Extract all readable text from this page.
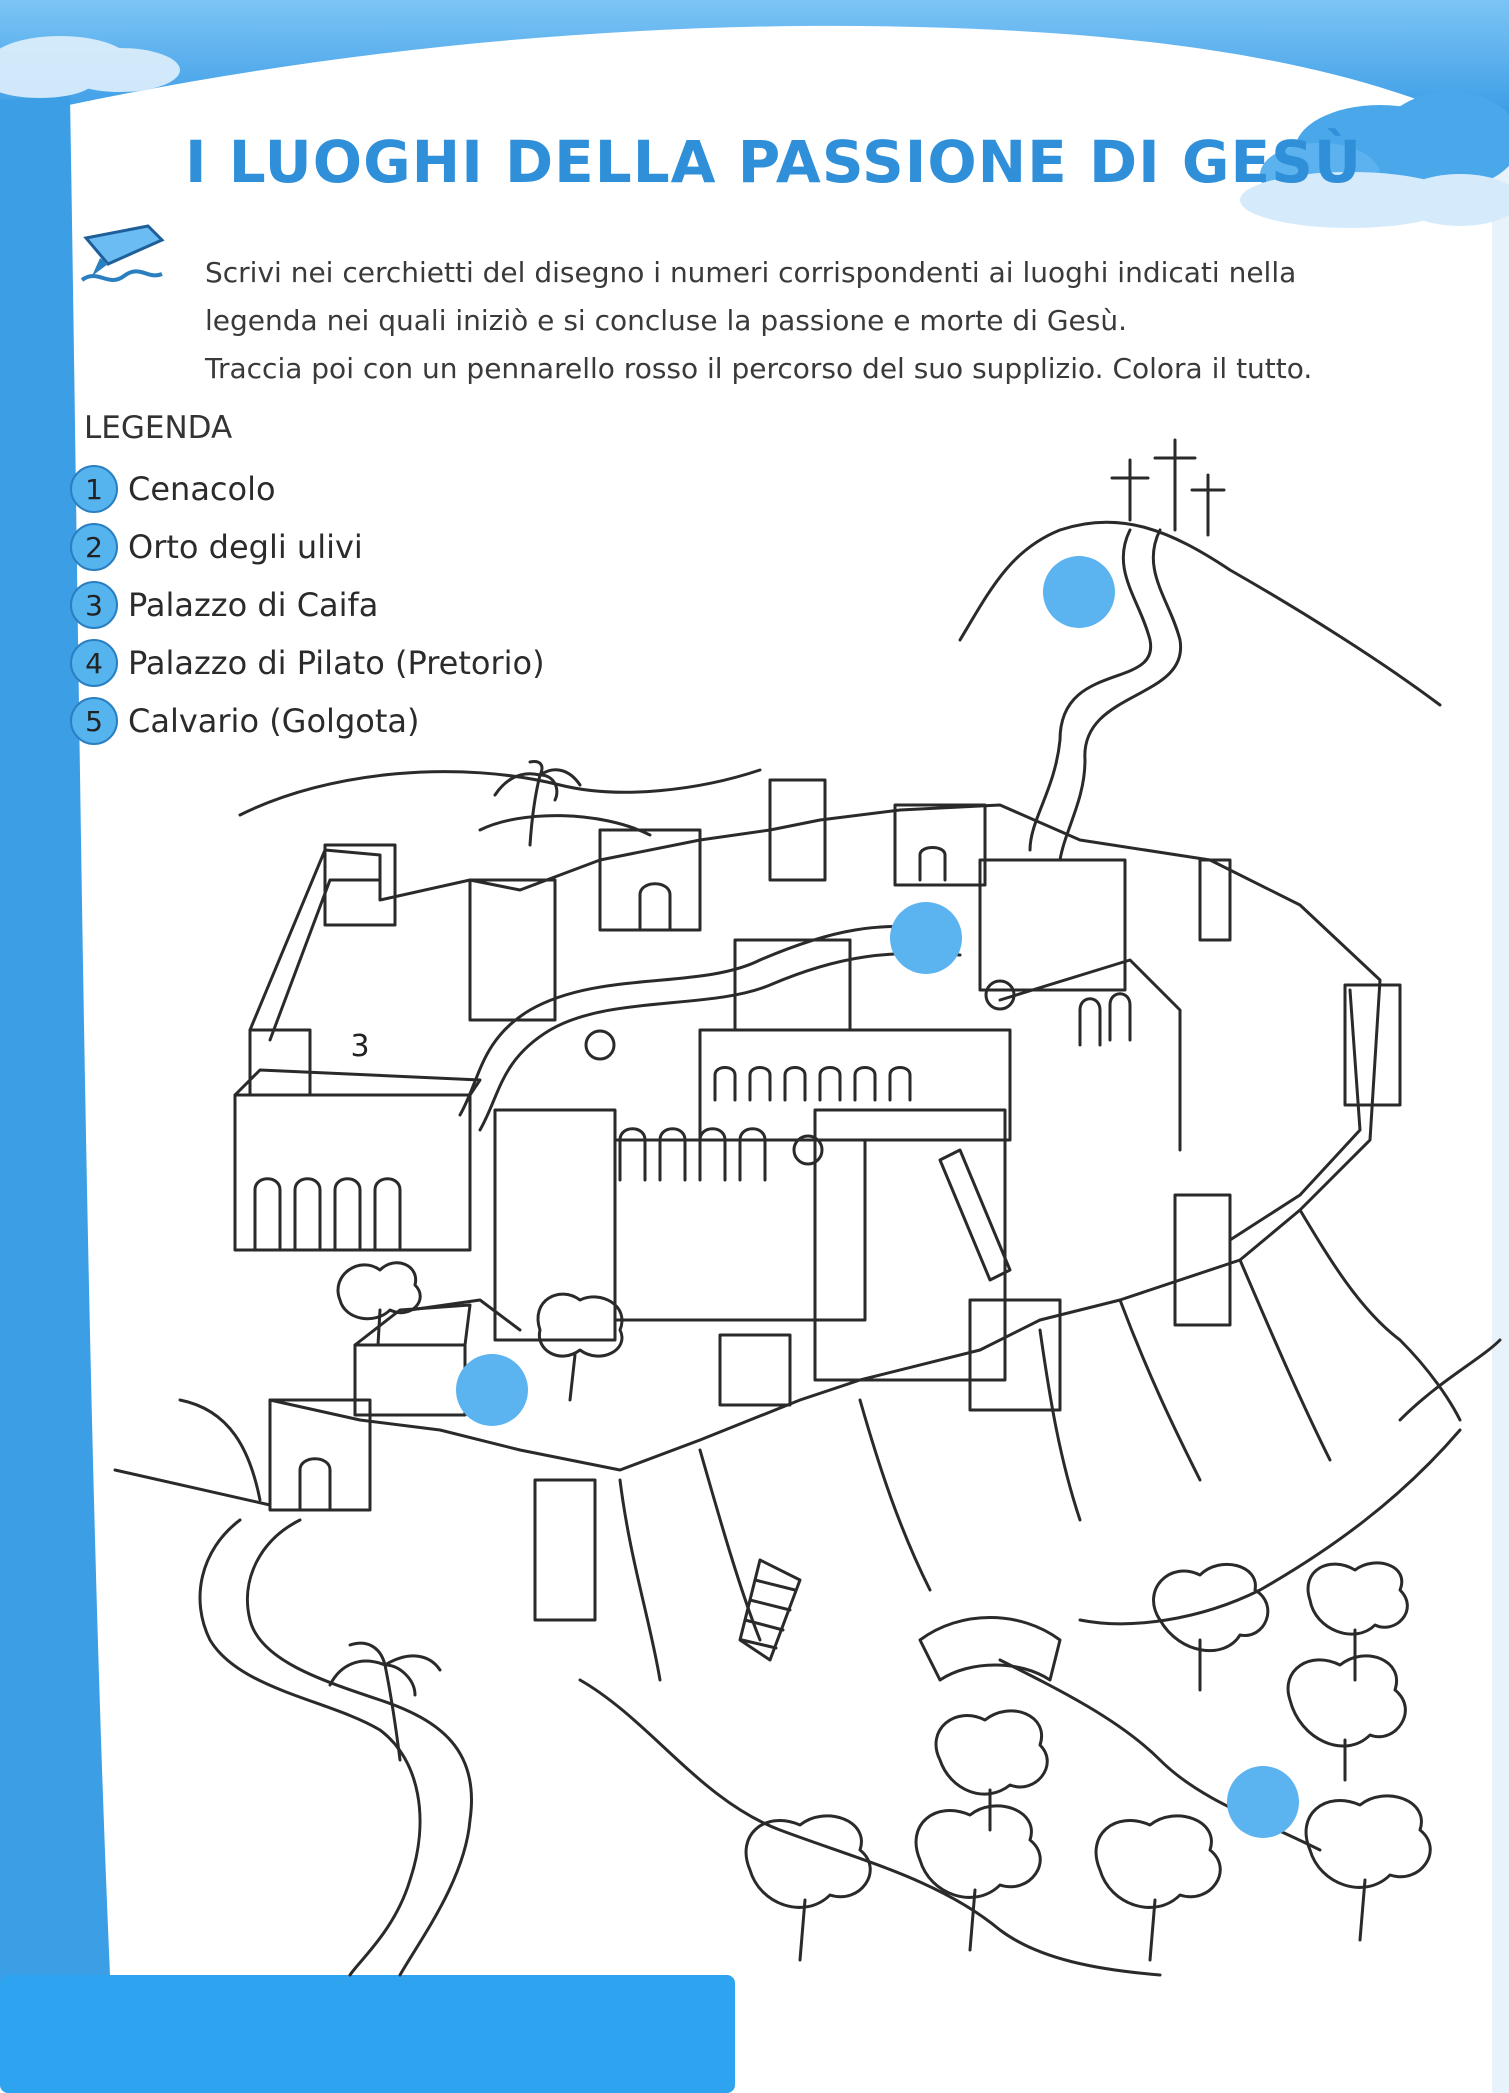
I LUOGHI DELLA PASSIONE DI GESÙ

Scrivi nei cerchietti del disegno i numeri corrispondenti ai luoghi indicati nella

legenda nei quali iniziò e si concluse la passione e morte di Gesù.

Traccia poi con un pennarello rosso il percorso del suo supplizio. Colora il tutto.

LEGENDA
1 Cenacolo
2 Orto degli ulivi
3 Palazzo di Caifa
4 Palazzo di Pilato (Pretorio)
5 Calvario (Golgota)
3
